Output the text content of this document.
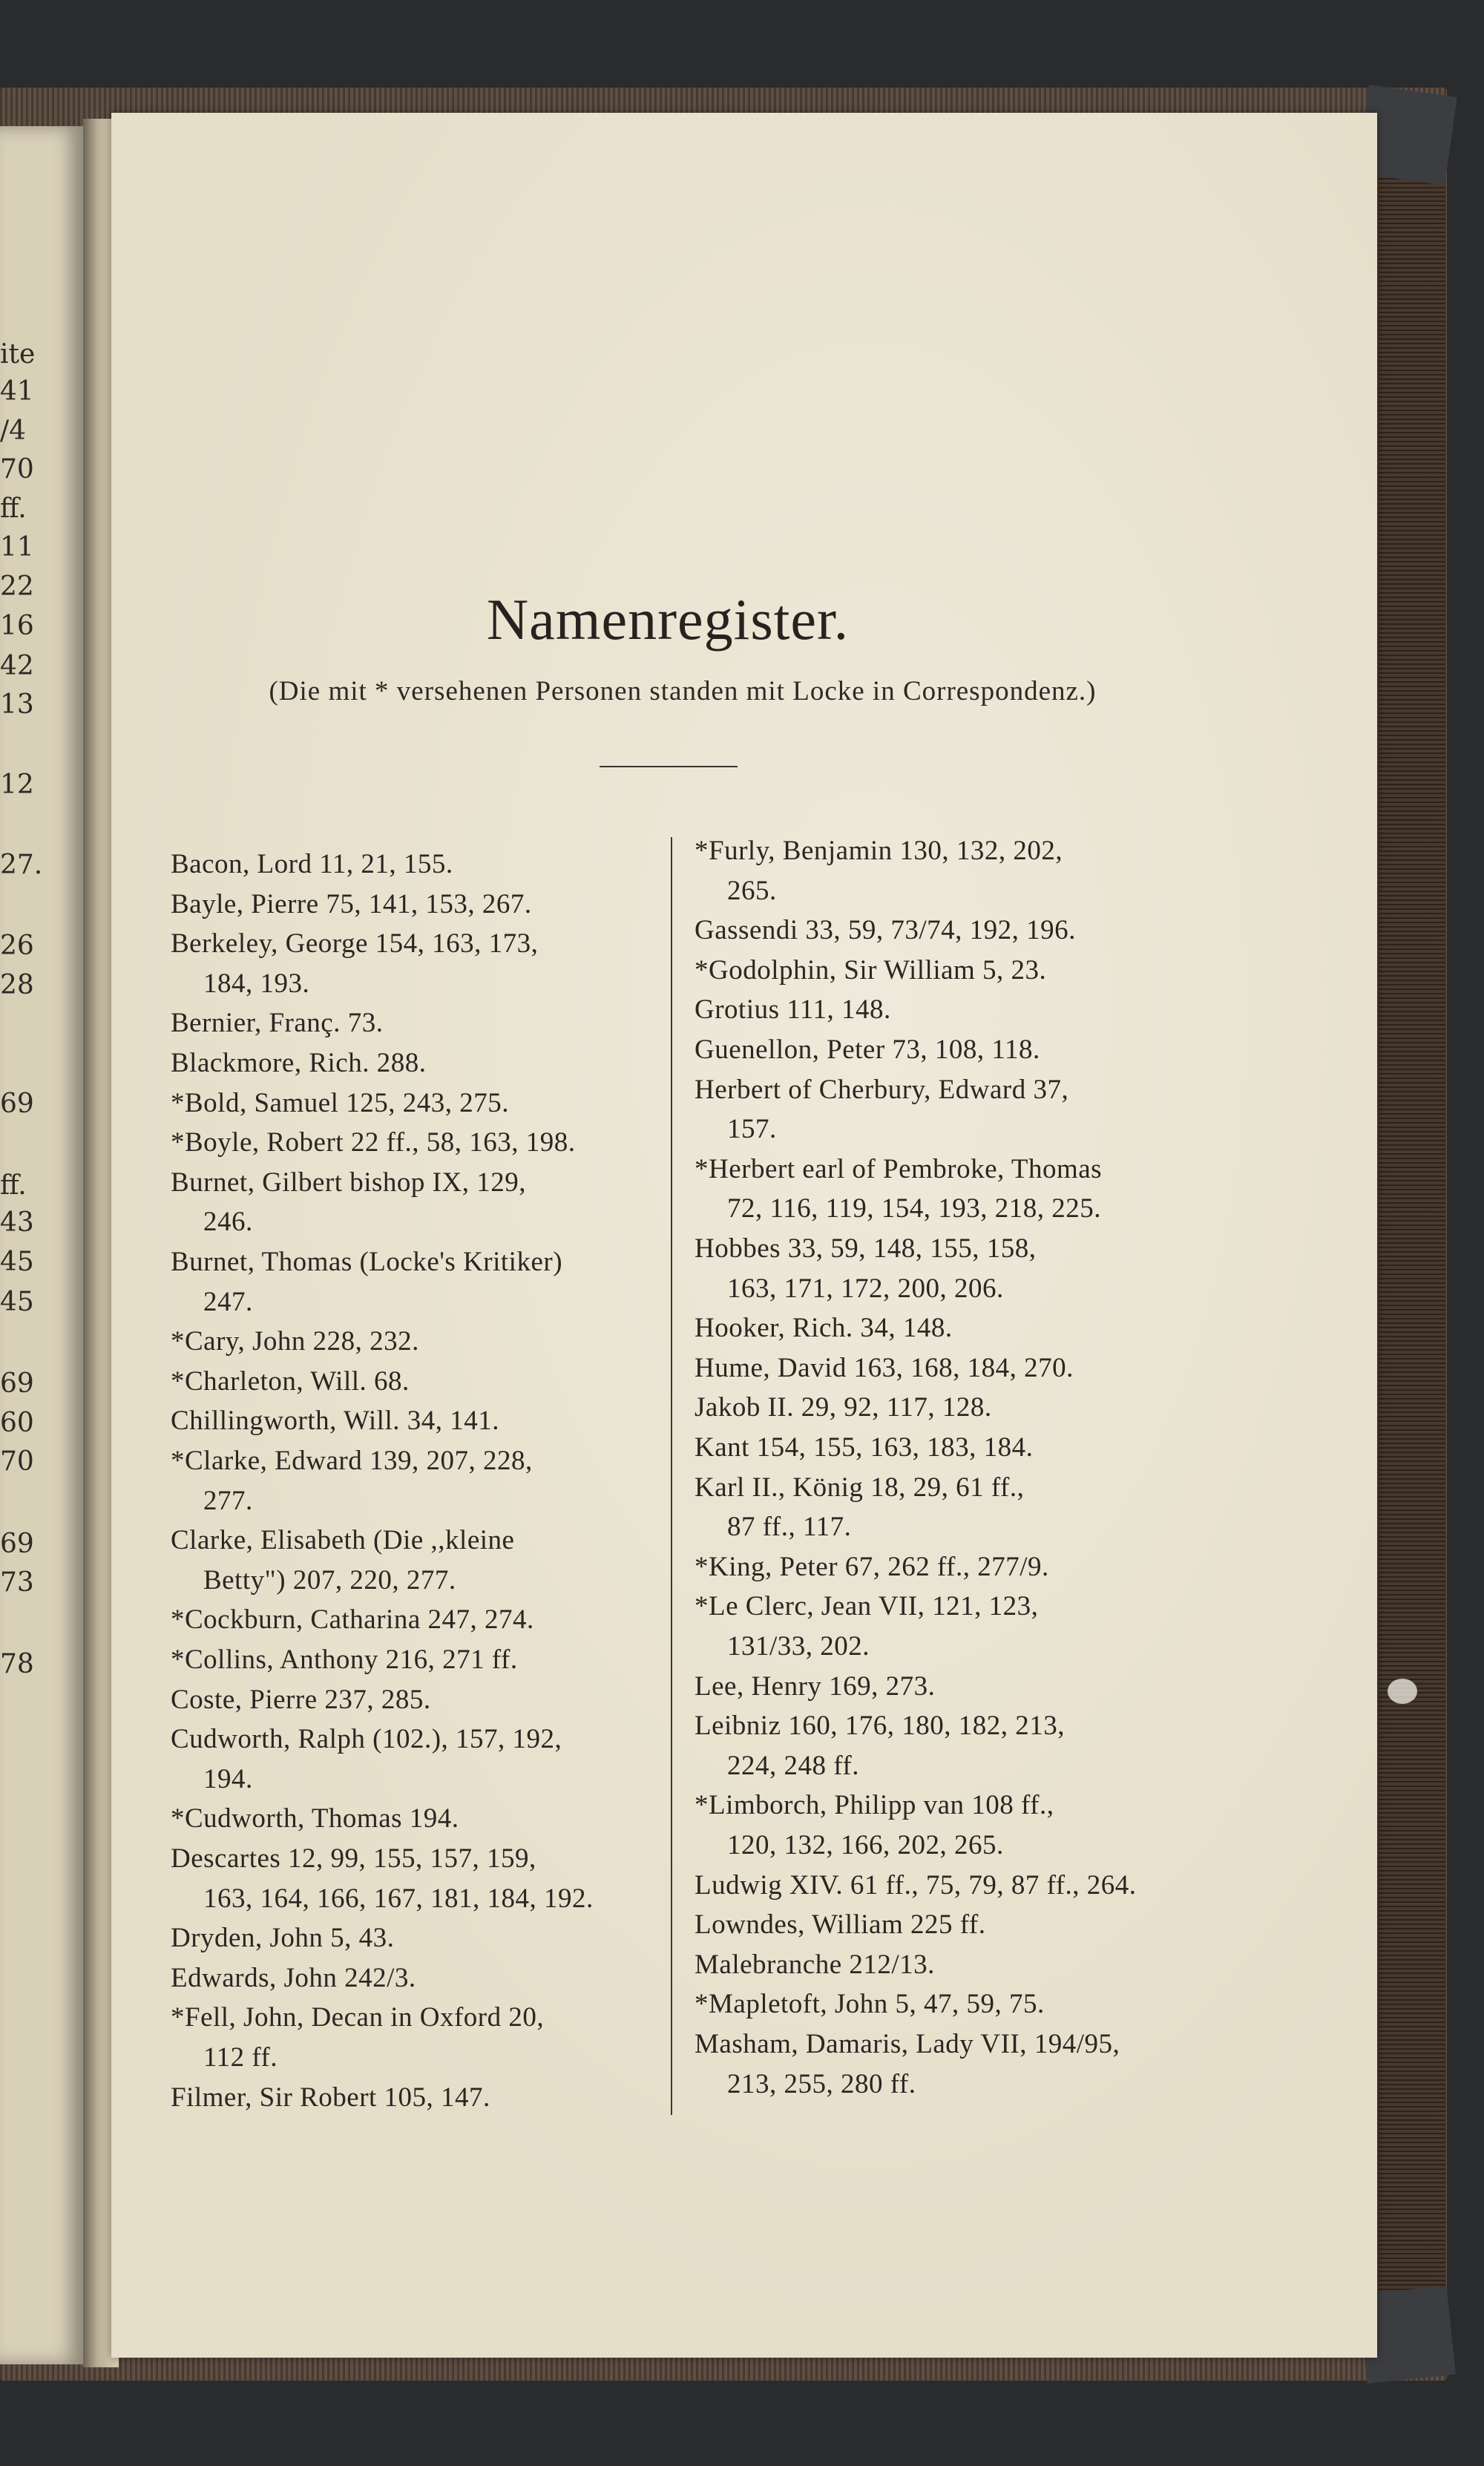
ite
41
/4
70
ff.
11
22
16
42
13
12
27.
26
28
69
ff.
43
45
45
69
60
70
69
73
78
Namenregister.
(Die mit * versehenen Personen standen mit Locke in Correspondenz.)
Bacon, Lord 11, 21, 155.
Bayle, Pierre 75, 141, 153, 267.
Berkeley, George 154, 163, 173,
184, 193.
Bernier, Franç. 73.
Blackmore, Rich. 288.
*Bold, Samuel 125, 243, 275.
*Boyle, Robert 22 ff., 58, 163, 198.
Burnet, Gilbert bishop IX, 129,
246.
Burnet, Thomas (Locke's Kritiker)
247.
*Cary, John 228, 232.
*Charleton, Will. 68.
Chillingworth, Will. 34, 141.
*Clarke, Edward 139, 207, 228,
277.
Clarke, Elisabeth (Die ,,kleine
Betty") 207, 220, 277.
*Cockburn, Catharina 247, 274.
*Collins, Anthony 216, 271 ff.
Coste, Pierre 237, 285.
Cudworth, Ralph (102.), 157, 192,
194.
*Cudworth, Thomas 194.
Descartes 12, 99, 155, 157, 159,
163, 164, 166, 167, 181, 184, 192.
Dryden, John 5, 43.
Edwards, John 242/3.
*Fell, John, Decan in Oxford 20,
112 ff.
Filmer, Sir Robert 105, 147.
*Furly, Benjamin 130, 132, 202,
265.
Gassendi 33, 59, 73/74, 192, 196.
*Godolphin, Sir William 5, 23.
Grotius 111, 148.
Guenellon, Peter 73, 108, 118.
Herbert of Cherbury, Edward 37,
157.
*Herbert earl of Pembroke, Thomas
72, 116, 119, 154, 193, 218, 225.
Hobbes 33, 59, 148, 155, 158,
163, 171, 172, 200, 206.
Hooker, Rich. 34, 148.
Hume, David 163, 168, 184, 270.
Jakob II. 29, 92, 117, 128.
Kant 154, 155, 163, 183, 184.
Karl II., König 18, 29, 61 ff.,
87 ff., 117.
*King, Peter 67, 262 ff., 277/9.
*Le Clerc, Jean VII, 121, 123,
131/33, 202.
Lee, Henry 169, 273.
Leibniz 160, 176, 180, 182, 213,
224, 248 ff.
*Limborch, Philipp van 108 ff.,
120, 132, 166, 202, 265.
Ludwig XIV. 61 ff., 75, 79, 87 ff., 264.
Lowndes, William 225 ff.
Malebranche 212/13.
*Mapletoft, John 5, 47, 59, 75.
Masham, Damaris, Lady VII, 194/95,
213, 255, 280 ff.
